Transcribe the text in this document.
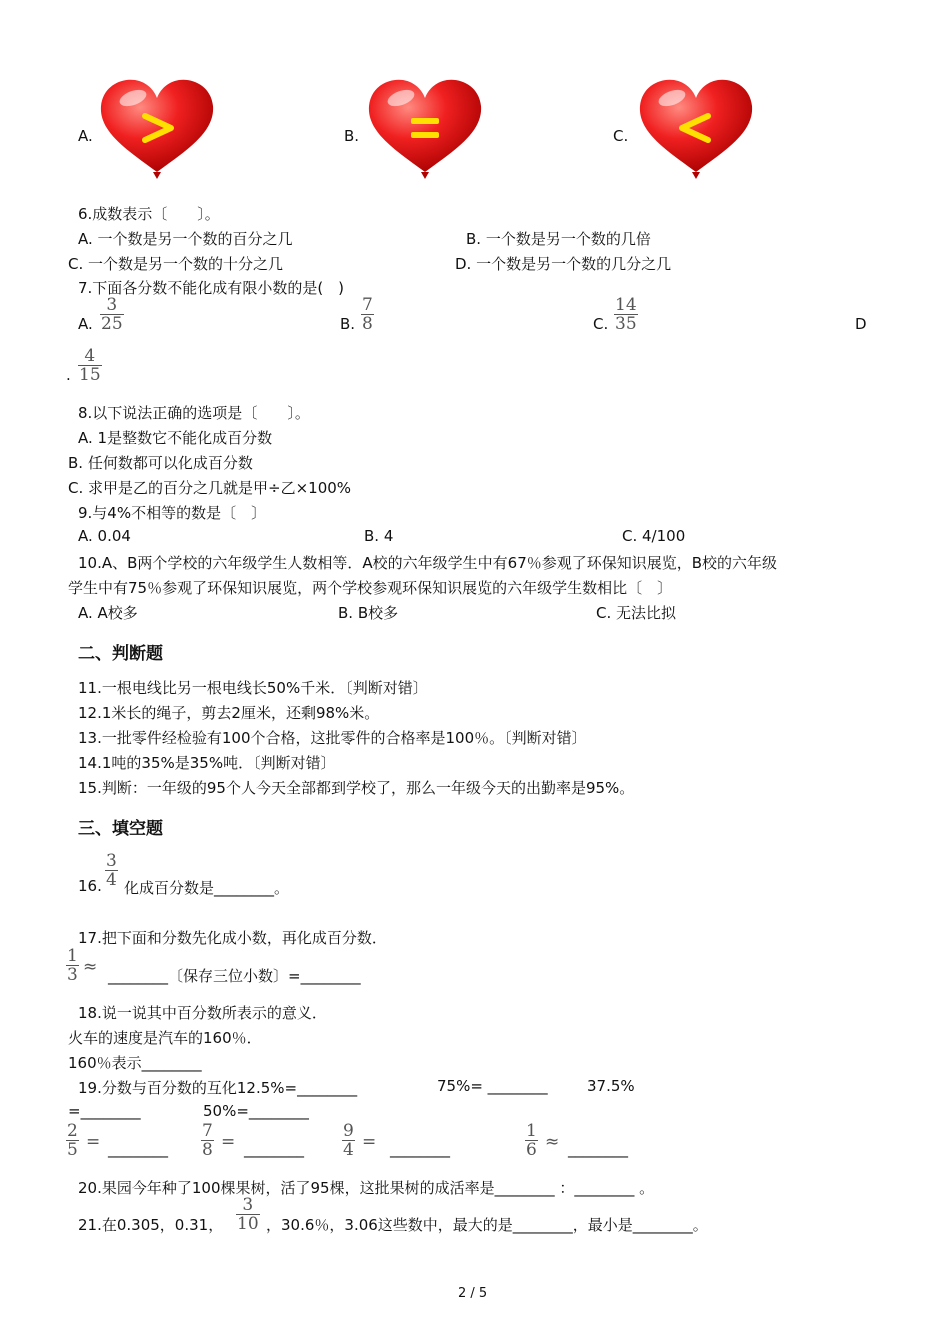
A.	B.	C.
6.成数表示〔　　〕。
A. 一个数是另一个数的百分之几	B. 一个数是另一个数的几倍
C. 一个数是另一个数的十分之几	D. 一个数是另一个数的几分之几
7.下面各分数不能化成有限小数的是(　)
A. $\frac{3}{25}$	B. $\frac{7}{8}$	C. $\frac{14}{35}$	D
. $\frac{4}{15}$
8.以下说法正确的选项是〔　　〕。
A. 1是整数它不能化成百分数
B. 任何数都可以化成百分数
C. 求甲是乙的百分之几就是甲÷乙×100%
9.与4%不相等的数是〔　〕
A. 0.04	B. 4	C. 4/100
10.A、B两个学校的六年级学生人数相等．A校的六年级学生中有67％参观了环保知识展览，B校的六年级
学生中有75％参观了环保知识展览，两个学校参观环保知识展览的六年级学生数相比〔　〕
A. A校多	B. B校多	C. 无法比拟
二、判断题
11.一根电线比另一根电线长50%千米．〔判断对错〕
12.1米长的绳子，剪去2厘米，还剩98%米。
13.一批零件经检验有100个合格，这批零件的合格率是100％。〔判断对错〕
14.1吨的35%是35%吨．〔判断对错〕
15.判断：一年级的95个人今天全部都到学校了，那么一年级今天的出勤率是95%。
三、填空题
16. $\frac{3}{4}$ 化成百分数是________。
17.把下面和分数先化成小数，再化成百分数．
$\frac{1}{3}$ ≈ ________〔保存三位小数〕=________
18.说一说其中百分数所表示的意义．
火车的速度是汽车的160％．
160％表示________
19.分数与百分数的互化12.5%=________	75%= ________	37.5%
=________	50%=________
$\frac{2}{5}$ = ________ $\frac{7}{8}$ = ________ $\frac{9}{4}$ = ________	$\frac{1}{6}$ ≈ ________
20.果园今年种了100棵果树，活了95棵，这批果树的成活率是________ ：________ 。
21.在0.305，0.31， $\frac{3}{10}$ ，30.6％，3.06这些数中，最大的是________，最小是________。
2 / 5
